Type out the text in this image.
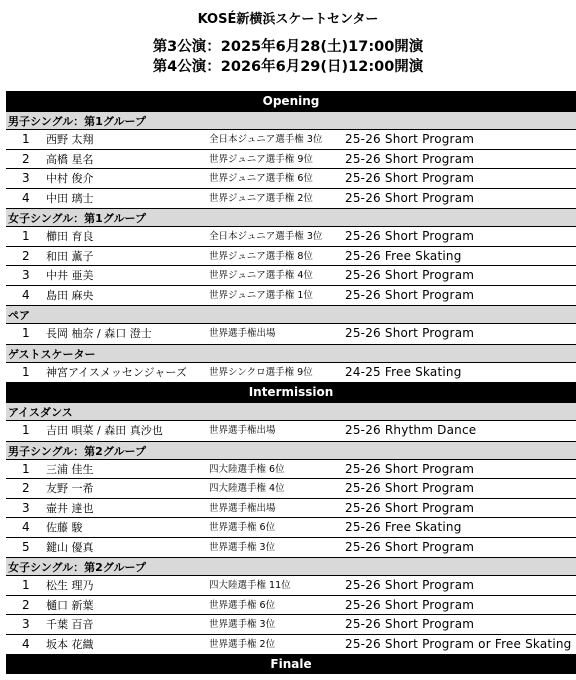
KOSÉ新横浜スケートセンター
第3公演：2025年6月28(土)17:00開演
第4公演：2026年6月29(日)12:00開演
Opening
男子シングル：第1グループ
1 西野 太翔	全日本ジュニア選手権 3位 25-26 Short Program
2 高橋 星名	世界ジュニア選手権 9位	25-26 Short Program
3 中村 俊介	世界ジュニア選手権 6位	25-26 Short Program
4 中田 璃士	世界ジュニア選手権 2位	25-26 Short Program
女子シングル：第1グループ
1 櫛田 育良	全日本ジュニア選手権 3位 25-26 Short Program
2 和田 薫子	世界ジュニア選手権 8位	25-26 Free Skating
3 中井 亜美	世界ジュニア選手権 4位	25-26 Short Program
4 島田 麻央	世界ジュニア選手権 1位	25-26 Short Program
ペア
1 長岡 柚奈 / 森口 澄士	世界選手権出場	25-26 Short Program
ゲストスケーター
1 神宮アイスメッセンジャーズ 世界シンクロ選手権 9位	24-25 Free Skating
Intermission
アイスダンス
1 吉田 唄菜 / 森田 真沙也	世界選手権出場	25-26 Rhythm Dance
男子シングル：第2グループ
1 三浦 佳生	四大陸選手権 6位	25-26 Short Program
2 友野 一希	四大陸選手権 4位	25-26 Short Program
3 壷井 達也	世界選手権出場	25-26 Short Program
4 佐藤 駿	世界選手権 6位	25-26 Free Skating
5 鍵山 優真	世界選手権 3位	25-26 Short Program
女子シングル：第2グループ
1 松生 理乃	四大陸選手権 11位	25-26 Short Program
2 樋口 新葉	世界選手権 6位	25-26 Short Program
3 千葉 百音	世界選手権 3位	25-26 Short Program
4 坂本 花織	世界選手権 2位	25-26 Short Program or Free Skating
Finale
